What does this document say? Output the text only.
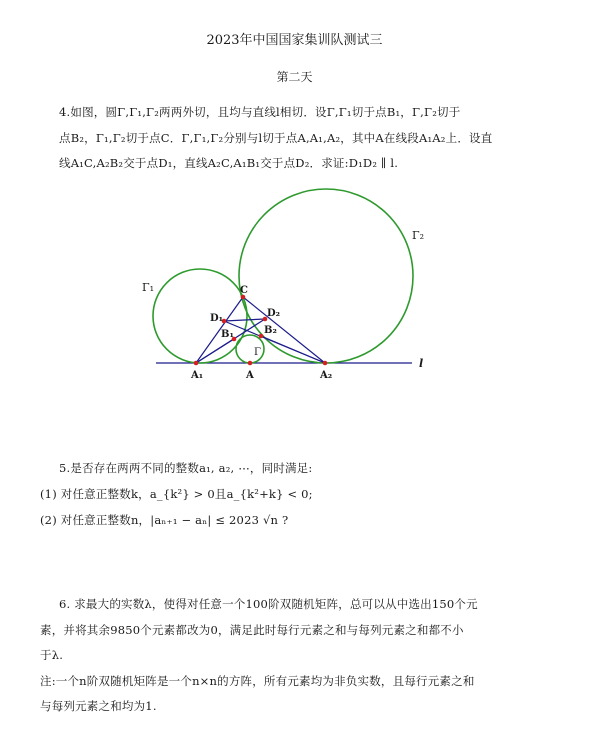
2023年中国国家集训队测试三
第二天
4.如图，圆Γ,Γ₁,Γ₂两两外切，且均与直线l相切．设Γ,Γ₁切于点B₁，Γ,Γ₂切于
点B₂，Γ₁,Γ₂切于点C．Γ,Γ₁,Γ₂分别与l切于点A,A₁,A₂，其中A在线段A₁A₂上．设直
线A₁C,A₂B₂交于点D₁，直线A₂C,A₁B₁交于点D₂．求证:D₁D₂ ∥ l.
Γ₁
Γ₂
Γ
C
D₁	D₂
B₁	B₂
A₁	A	A₂
l
5.是否存在两两不同的整数a₁, a₂, ⋯，同时满足:
(1) 对任意正整数k，a_{k²} > 0且a_{k²+k} < 0;
(2) 对任意正整数n，|aₙ₊₁ − aₙ| ≤ 2023 √n ?
6. 求最大的实数λ，使得对任意一个100阶双随机矩阵，总可以从中选出150个元
素，并将其余9850个元素都改为0，满足此时每行元素之和与每列元素之和都不小
于λ.
注:一个n阶双随机矩阵是一个n×n的方阵，所有元素均为非负实数，且每行元素之和
与每列元素之和均为1.
